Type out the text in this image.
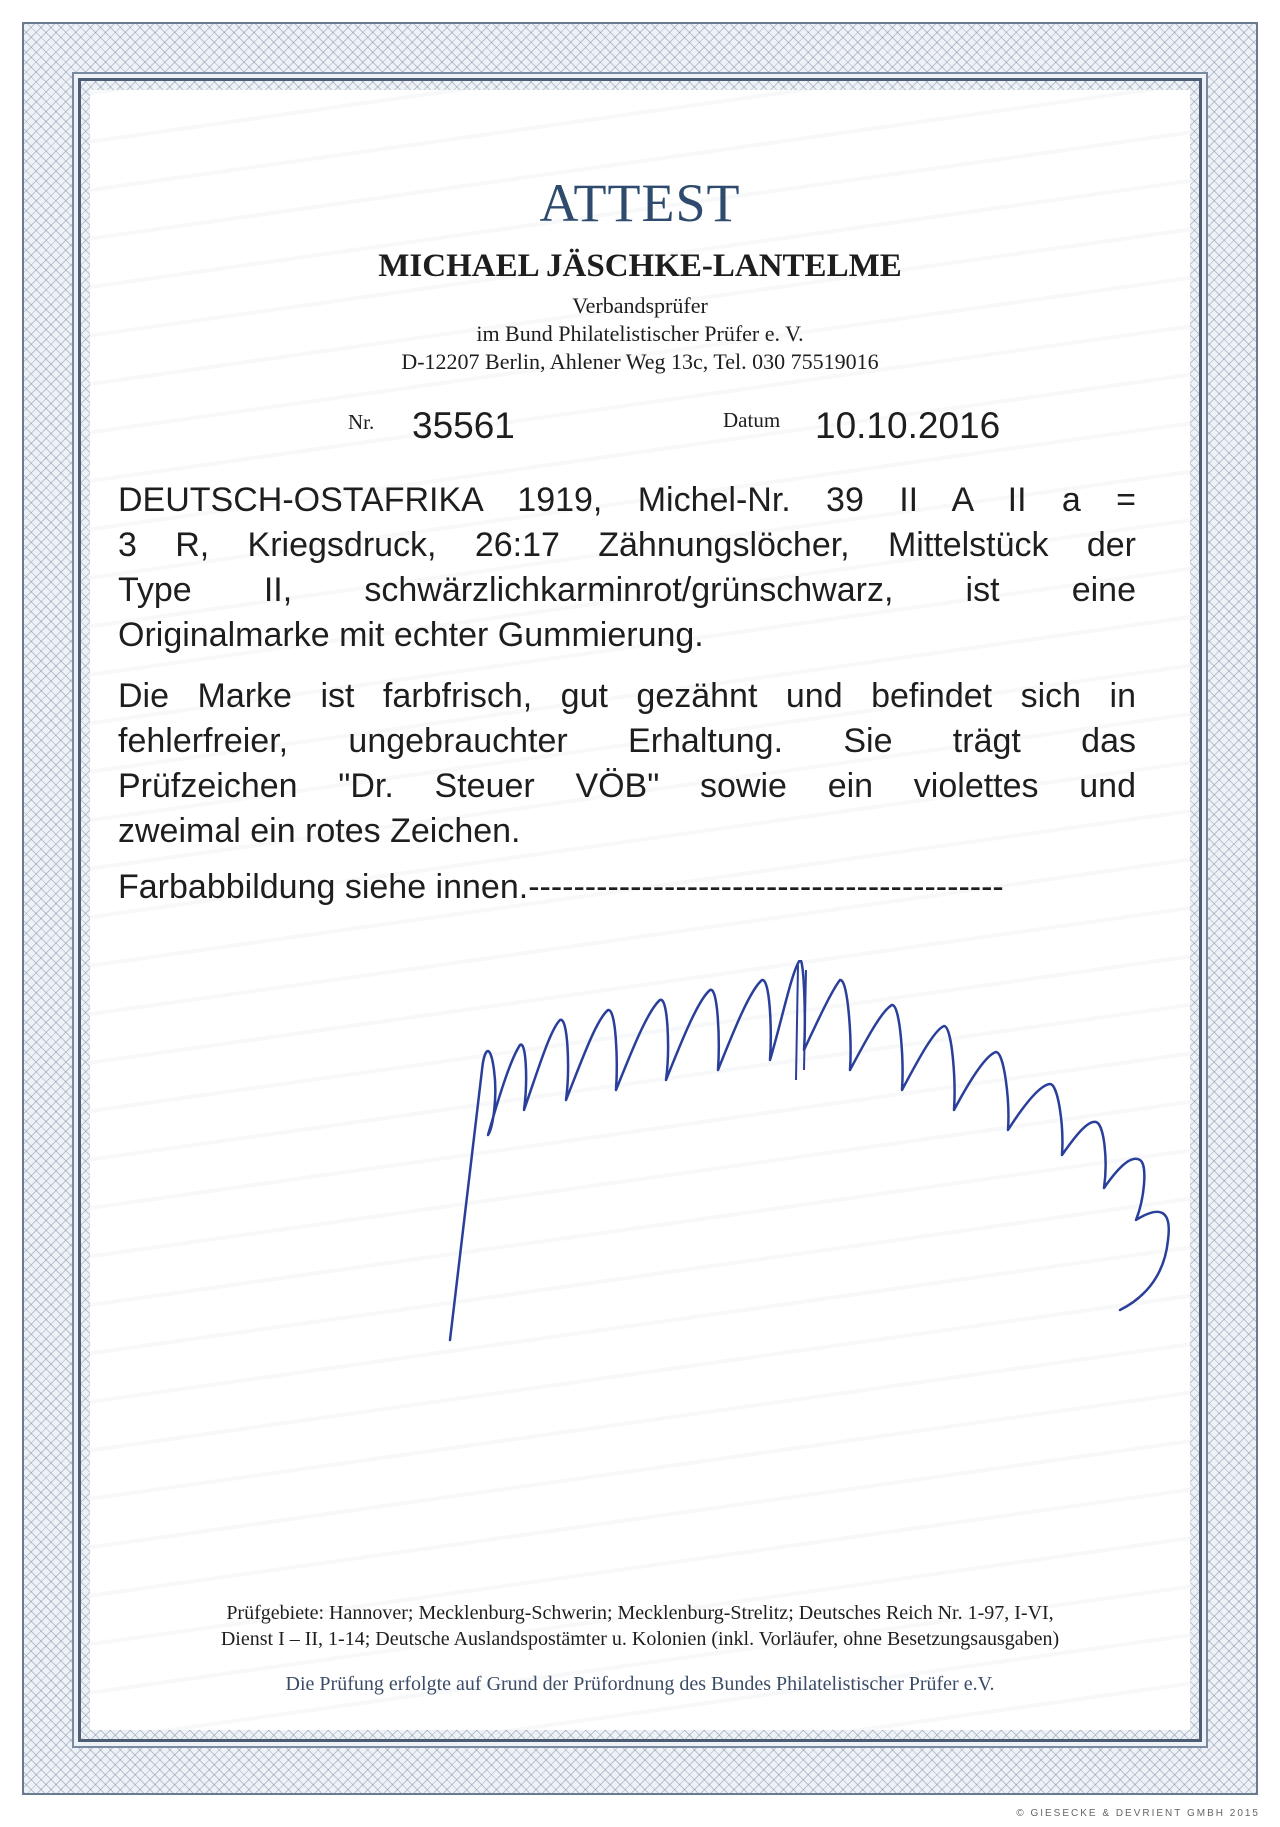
ATTEST
MICHAEL JÄSCHKE-LANTELME
Verbandsprüfer
im Bund Philatelistischer Prüfer e. V.
D-12207 Berlin, Ahlener Weg 13c, Tel. 030 75519016
Nr. 35561	Datum 10.10.2016
DEUTSCH-OSTAFRIKA 1919, Michel-Nr. 39 II A II a =
3 R, Kriegsdruck, 26:17 Zähnungslöcher, Mittelstück der
Type II, schwärzlichkarminrot/grünschwarz, ist eine
Originalmarke mit echter Gummierung.
Die Marke ist farbfrisch, gut gezähnt und befindet sich in
fehlerfreier, ungebrauchter Erhaltung. Sie trägt das
Prüfzeichen "Dr. Steuer VÖB" sowie ein violettes und
zweimal ein rotes Zeichen.
Farbabbildung siehe innen.------------------------------------------
Prüfgebiete: Hannover; Mecklenburg-Schwerin; Mecklenburg-Strelitz; Deutsches Reich Nr. 1-97, I-VI,
Dienst I – II, 1-14; Deutsche Auslandspostämter u. Kolonien (inkl. Vorläufer, ohne Besetzungsausgaben)
Die Prüfung erfolgte auf Grund der Prüfordnung des Bundes Philatelistischer Prüfer e.V.
© GIESECKE & DEVRIENT GMBH 2015
